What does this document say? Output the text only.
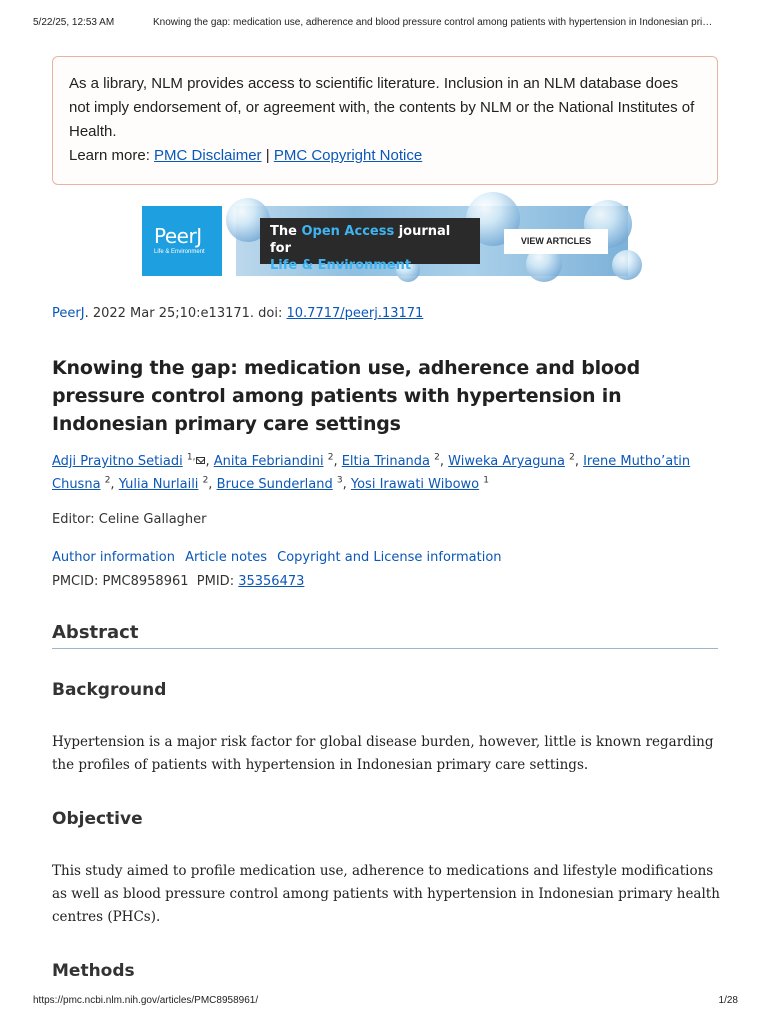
5/22/25, 12:53 AM	Knowing the gap: medication use, adherence and blood pressure control among patients with hypertension in Indonesian pri…
As a library, NLM provides access to scientific literature. Inclusion in an NLM database does not imply endorsement of, or agreement with, the contents by NLM or the National Institutes of Health.
Learn more: PMC Disclaimer | PMC Copyright Notice
PeerJ
Life & Environment
The Open Access journal for
Life & Environment research
VIEW ARTICLES
PeerJ. 2022 Mar 25;10:e13171. doi: 10.7717/peerj.13171
Knowing the gap: medication use, adherence and blood pressure control among patients with hypertension in Indonesian primary care settings
Adji Prayitno Setiadi $^{1,}$ , Anita Febriandini $^2$, Eltia Trinanda $^2$, Wiweka Aryaguna $^2$, Irene Mutho’atin Chusna $^2$, Yulia Nurlaili $^2$, Bruce Sunderland $^3$, Yosi Irawati Wibowo $^1$
Editor: Celine Gallagher
Author information Article notes Copyright and License information
PMCID: PMC8958961 PMID: 35356473
Abstract
Background

Hypertension is a major risk factor for global disease burden, however, little is known regarding the profiles of patients with hypertension in Indonesian primary care settings.

Objective

This study aimed to profile medication use, adherence to medications and lifestyle modifications as well as blood pressure control among patients with hypertension in Indonesian primary health centres (PHCs).

Methods
https://pmc.ncbi.nlm.nih.gov/articles/PMC8958961/	1/28
